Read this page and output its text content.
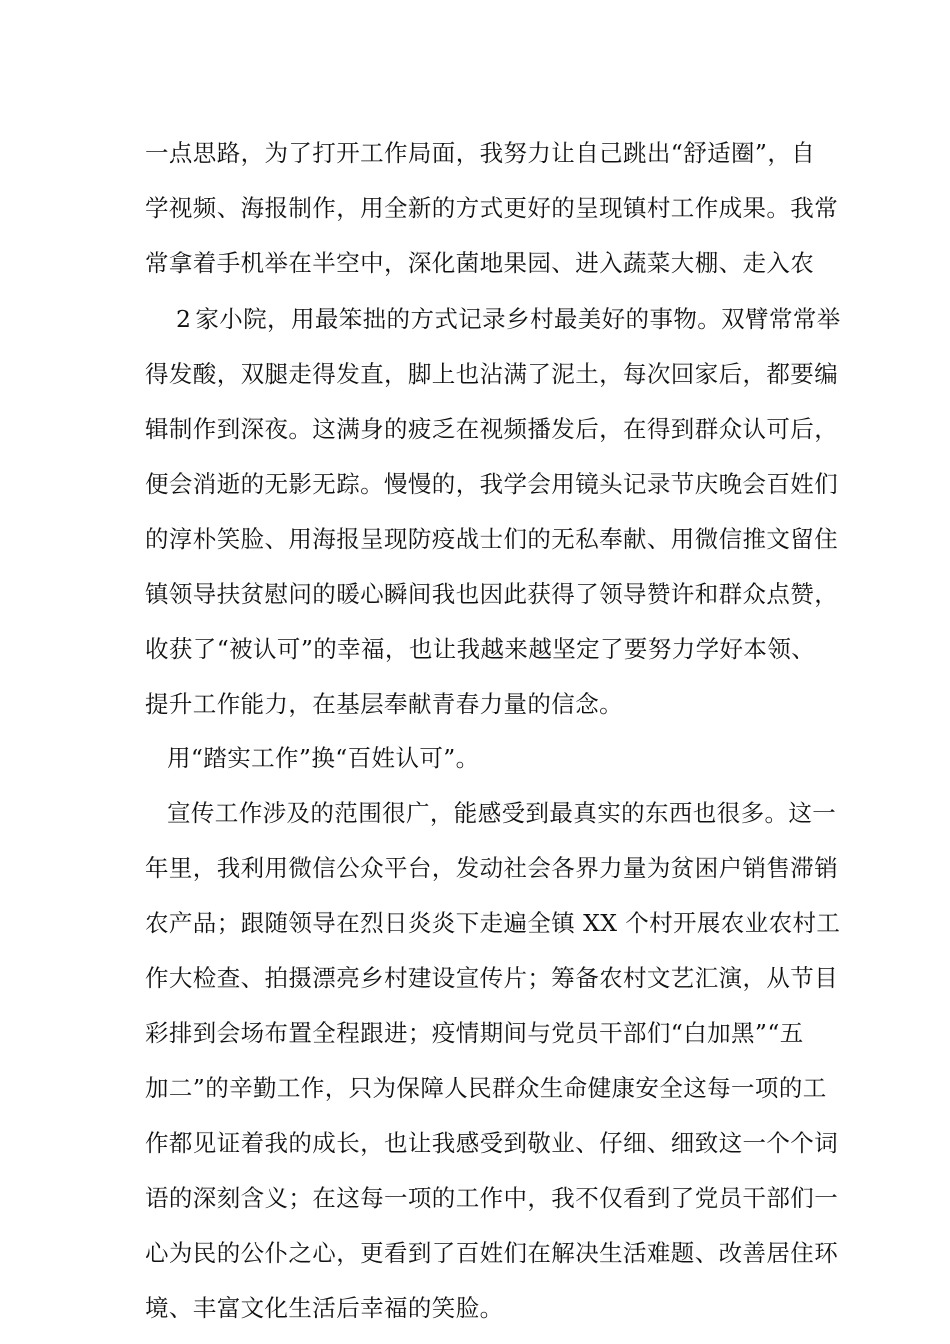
一点思路，为了打开工作局面，我努力让自己跳出“舒适圈”，自
学视频、海报制作，用全新的方式更好的呈现镇村工作成果。我常
常拿着手机举在半空中，深化菌地果园、进入蔬菜大棚、走入农
2 家小院，用最笨拙的方式记录乡村最美好的事物。双臂常常举
得发酸，双腿走得发直，脚上也沾满了泥土，每次回家后，都要编
辑制作到深夜。这满身的疲乏在视频播发后，在得到群众认可后，
便会消逝的无影无踪。慢慢的，我学会用镜头记录节庆晚会百姓们
的淳朴笑脸、用海报呈现防疫战士们的无私奉献、用微信推文留住
镇领导扶贫慰问的暖心瞬间我也因此获得了领导赞许和群众点赞，
收获了“被认可”的幸福，也让我越来越坚定了要努力学好本领、
提升工作能力，在基层奉献青春力量的信念。
用“踏实工作”换“百姓认可”。
宣传工作涉及的范围很广，能感受到最真实的东西也很多。这一
年里，我利用微信公众平台，发动社会各界力量为贫困户销售滞销
农产品；跟随领导在烈日炎炎下走遍全镇 XX 个村开展农业农村工
作大检查、拍摄漂亮乡村建设宣传片；筹备农村文艺汇演，从节目
彩排到会场布置全程跟进；疫情期间与党员干部们“白加黑”“五
加二”的辛勤工作，只为保障人民群众生命健康安全这每一项的工
作都见证着我的成长，也让我感受到敬业、仔细、细致这一个个词
语的深刻含义；在这每一项的工作中，我不仅看到了党员干部们一
心为民的公仆之心，更看到了百姓们在解决生活难题、改善居住环
境、丰富文化生活后幸福的笑脸。
